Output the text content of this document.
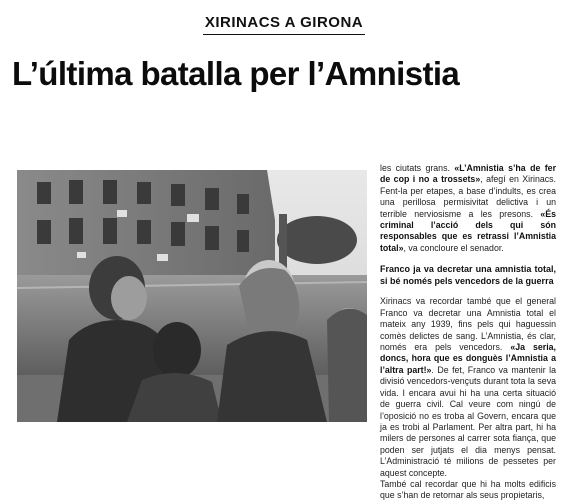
XIRINACS A GIRONA
L’última batalla per l’Amnistia

les ciutats grans. «L’Amnistia s’ha de fer de cop i no a trossets», afegí en Xirinacs. Fent-la per etapes, a base d’indults, es crea una perillosa permisivitat delictiva i un terrible nerviosisme a les presons. «És criminal l’acció dels qui són responsables que es retrassi l’Amnistia total», va concloure el senador.

Franco ja va decretar una amnistia total, si bé només pels vencedors de la guerra

Xirinacs va recordar també que el general Franco va decretar una Amnistia total el mateix any 1939, fins pels qui haguessin comès delictes de sang. L’Amnistia, és clar, només era pels vencedors. «Ja seria, doncs, hora que es donguès l’Amnistia a l’altra part!». De fet, Franco va mantenir la divisió vencedors-vençuts durant tota la seva vida. I encara avui hi ha una certa situació de guerra civil. Cal veure com ningú de l’oposició no es troba al Govern, encara que ja es trobi al Parlament. Per altra part, hi ha milers de persones al carrer sota fiança, que poden ser jutjats el dia menys pensat. L’Administració té milions de pessetes per aquest concepte.

També cal recordar que hi ha molts edificis que s’han de retornar als seus propietaris,
